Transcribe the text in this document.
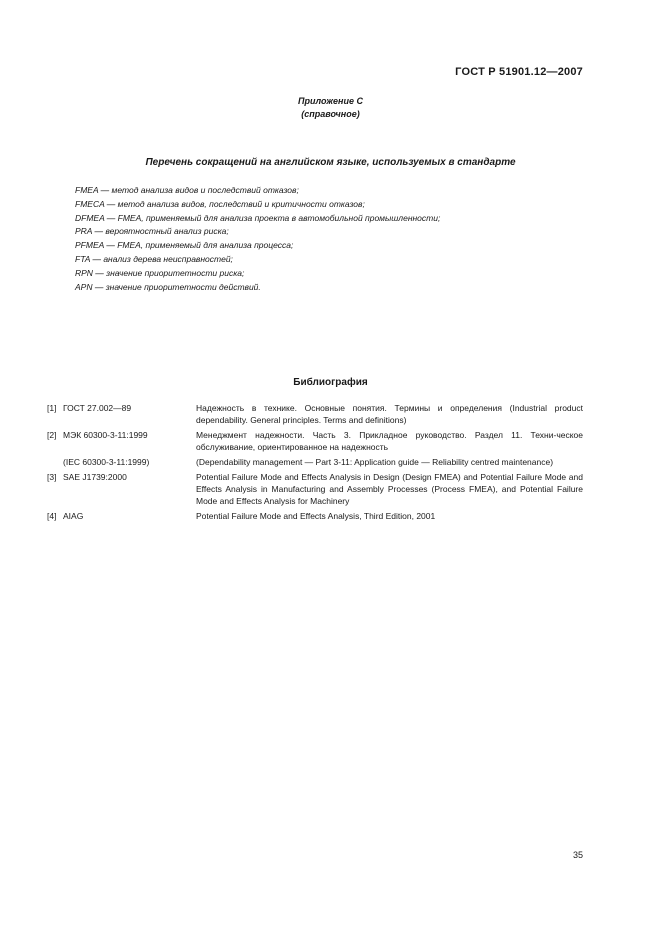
ГОСТ Р 51901.12—2007
Приложение С
(справочное)
Перечень сокращений на английском языке, используемых в стандарте
FMEA — метод анализа видов и последствий отказов;
FMECA — метод анализа видов, последствий и критичности отказов;
DFMEA — FMEA, применяемый для анализа проекта в автомобильной промышленности;
PRA — вероятностный анализ риска;
PFMEA — FMEA, применяемый для анализа процесса;
FTA — анализ дерева неисправностей;
RPN — значение приоритетности риска;
APN — значение приоритетности действий.
Библиография
[1] ГОСТ 27.002—89	Надежность в технике. Основные понятия. Термины и определения (Industrial product dependability. General principles. Terms and definitions)
[2] МЭК 60300-3-11:1999	Менеджмент надежности. Часть 3. Прикладное руководство. Раздел 11. Техни-ческое обслуживание, ориентированное на надежность
(IEC 60300-3-11:1999)	(Dependability management — Part 3-11: Application guide — Reliability centred maintenance)
[3] SAE J1739:2000	Potential Failure Mode and Effects Analysis in Design (Design FMEA) and Potential Failure Mode and Effects Analysis in Manufacturing and Assembly Processes (Process FMEA), and Potential Failure Mode and Effects Analysis for Machinery
[4] AIAG	Potential Failure Mode and Effects Analysis, Third Edition, 2001
35
